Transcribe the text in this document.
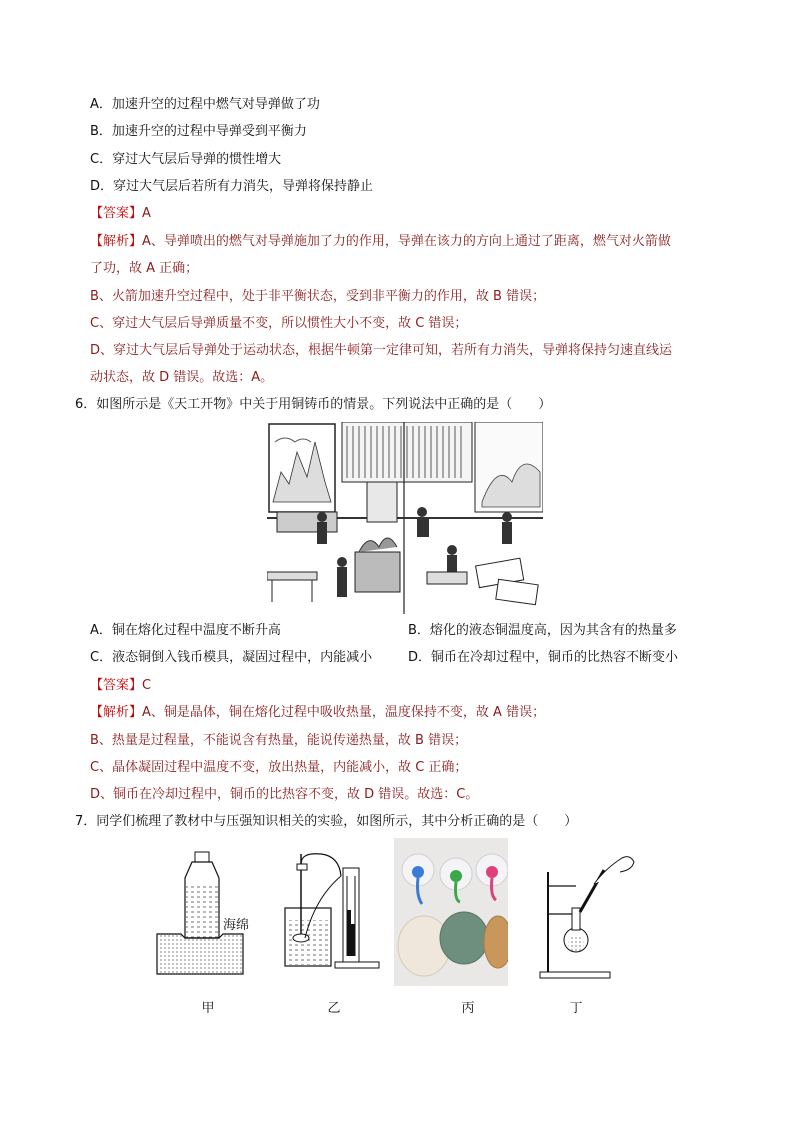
A．加速升空的过程中燃气对导弹做了功
B．加速升空的过程中导弹受到平衡力
C．穿过大气层后导弹的惯性增大
D．穿过大气层后若所有力消失，导弹将保持静止
【答案】A
【解析】A、导弹喷出的燃气对导弹施加了力的作用，导弹在该力的方向上通过了距离，燃气对火箭做
了功，故 A 正确；
B、火箭加速升空过程中，处于非平衡状态，受到非平衡力的作用，故 B 错误；
C、穿过大气层后导弹质量不变，所以惯性大小不变，故 C 错误；
D、穿过大气层后导弹处于运动状态，根据牛顿第一定律可知，若所有力消失，导弹将保持匀速直线运
动状态，故 D 错误。故选：A。
6．如图所示是《天工开物》中关于用铜铸币的情景。下列说法中正确的是（　　）
A．铜在熔化过程中温度不断升高	B．熔化的液态铜温度高，因为其含有的热量多
C．液态铜倒入钱币模具，凝固过程中，内能减小	D．铜币在冷却过程中，铜币的比热容不断变小
【答案】C
【解析】A、铜是晶体，铜在熔化过程中吸收热量，温度保持不变，故 A 错误；
B、热量是过程量，不能说含有热量，能说传递热量，故 B 错误；
C、晶体凝固过程中温度不变，放出热量，内能减小，故 C 正确；
D、铜币在冷却过程中，铜币的比热容不变，故 D 错误。故选：C。
7．同学们梳理了教材中与压强知识相关的实验，如图所示，其中分析正确的是（　　）
海绵
甲	乙	丙	丁
